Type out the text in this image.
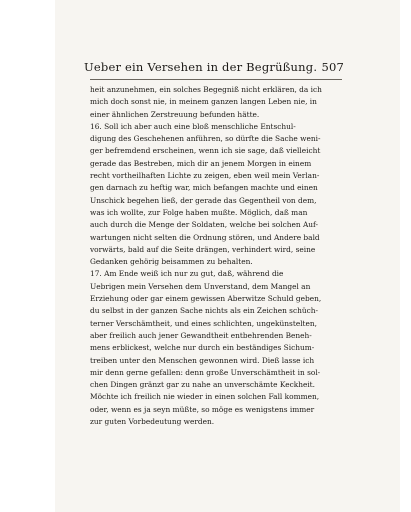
Ueber ein Versehen in der Begrüßung. 507
heit anzunehmen, ein solches Begegniß nicht erklären, da ich
mich doch sonst nie, in meinem ganzen langen Leben nie, in
einer ähnlichen Zerstreuung befunden hätte.
16. Soll ich aber auch eine bloß menschliche Entschul-
digung des Geschehenen anführen, so dürfte die Sache weni-
ger befremdend erscheinen, wenn ich sie sage, daß vielleicht
gerade das Bestreben, mich dir an jenem Morgen in einem
recht vortheilhaften Lichte zu zeigen, eben weil mein Verlan-
gen darnach zu heftig war, mich befangen machte und einen
Unschick begehen ließ, der gerade das Gegentheil von dem,
was ich wollte, zur Folge haben mußte. Möglich, daß man
auch durch die Menge der Soldaten, welche bei solchen Auf-
wartungen nicht selten die Ordnung stören, und Andere bald
vorwärts, bald auf die Seite drängen, verhindert wird, seine
Gedanken gehörig beisammen zu behalten.
17. Am Ende weiß ich nur zu gut, daß, während die
Uebrigen mein Versehen dem Unverstand, dem Mangel an
Erziehung oder gar einem gewissen Aberwitze Schuld geben,
du selbst in der ganzen Sache nichts als ein Zeichen schüch-
terner Verschämtheit, und eines schlichten, ungekünstelten,
aber freilich auch jener Gewandtheit entbehrenden Beneh-
mens erblickest, welche nur durch ein beständiges Sichum-
treiben unter den Menschen gewonnen wird. Dieß lasse ich
mir denn gerne gefallen: denn große Unverschämtheit in sol-
chen Dingen gränzt gar zu nahe an unverschämte Keckheit.
Möchte ich freilich nie wieder in einen solchen Fall kommen,
oder, wenn es ja seyn müßte, so möge es wenigstens immer
zur guten Vorbedeutung werden.
